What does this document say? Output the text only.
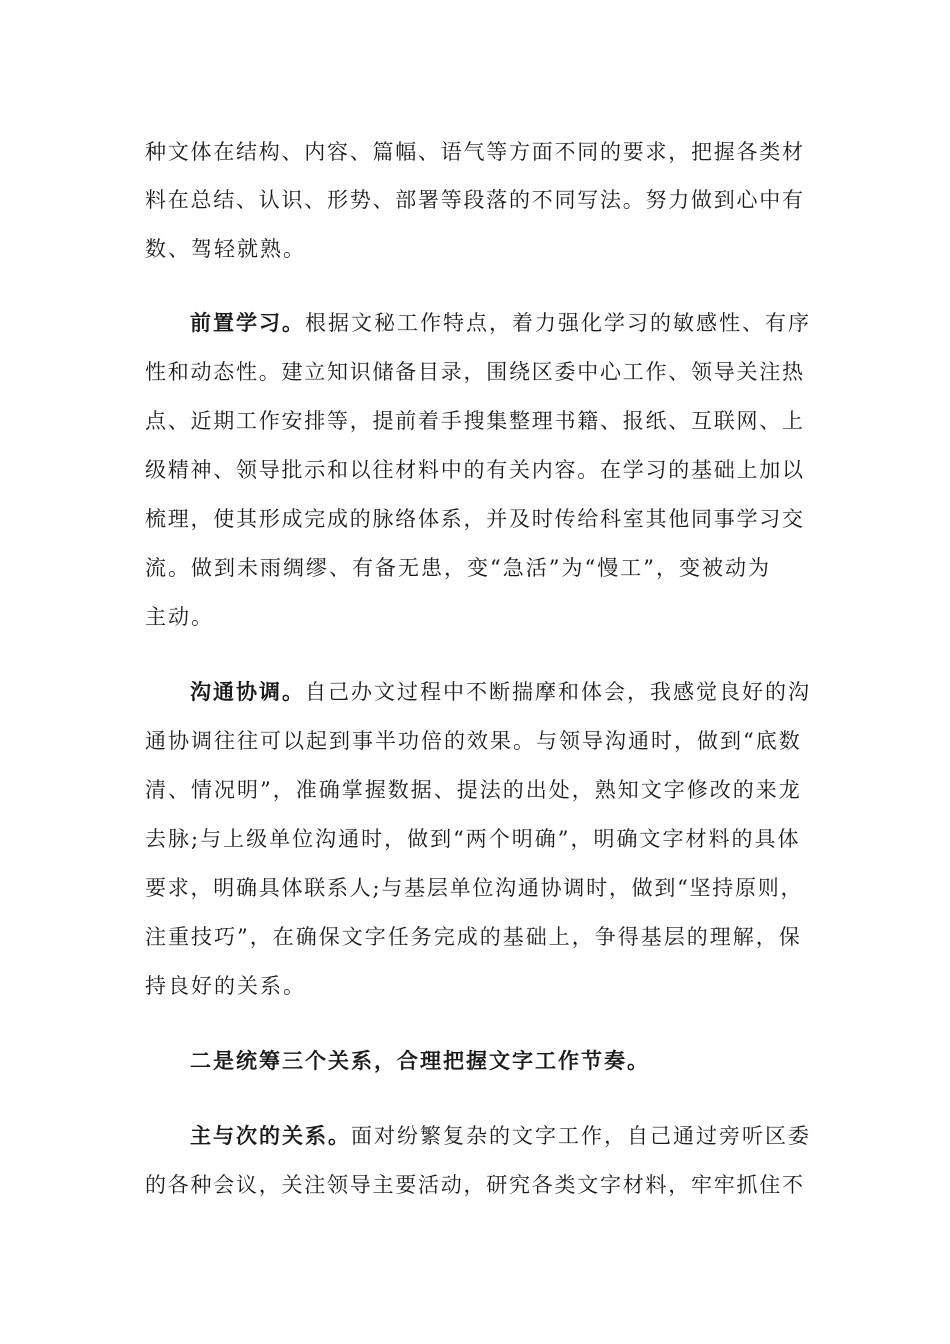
种文体在结构、内容、篇幅、语气等方面不同的要求，把握各类材
料在总结、认识、形势、部署等段落的不同写法。努力做到心中有
数、驾轻就熟。
前置学习。根据文秘工作特点，着力强化学习的敏感性、有序
性和动态性。建立知识储备目录，围绕区委中心工作、领导关注热
点、近期工作安排等，提前着手搜集整理书籍、报纸、互联网、上
级精神、领导批示和以往材料中的有关内容。在学习的基础上加以
梳理，使其形成完成的脉络体系，并及时传给科室其他同事学习交
流。做到未雨绸缪、有备无患，变“急活”为“慢工”，变被动为
主动。
沟通协调。自己办文过程中不断揣摩和体会，我感觉良好的沟
通协调往往可以起到事半功倍的效果。与领导沟通时，做到“底数
清、情况明”，准确掌握数据、提法的出处，熟知文字修改的来龙
去脉;与上级单位沟通时，做到“两个明确”，明确文字材料的具体
要求，明确具体联系人;与基层单位沟通协调时，做到“坚持原则，
注重技巧”，在确保文字任务完成的基础上，争得基层的理解，保
持良好的关系。
二是统筹三个关系，合理把握文字工作节奏。
主与次的关系。面对纷繁复杂的文字工作，自己通过旁听区委
的各种会议，关注领导主要活动，研究各类文字材料，牢牢抓住不
